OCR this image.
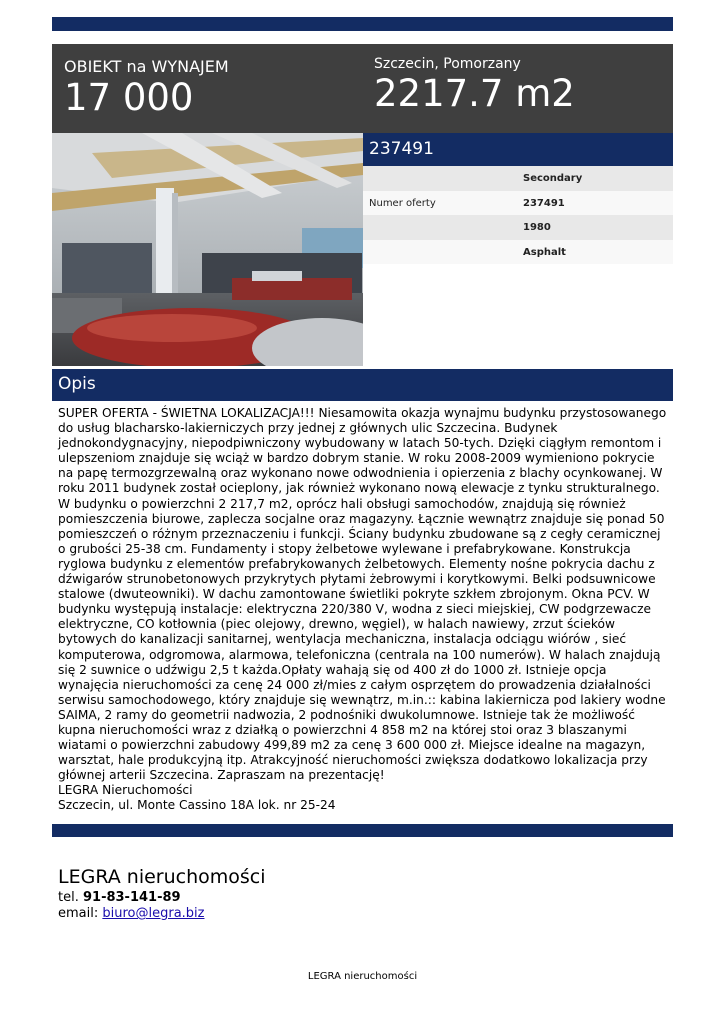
OBIEKT na WYNAJEM
17 000
Szczecin, Pomorzany
2217.7 m2
237491
Secondary
Numer oferty	237491
1980
Asphalt
Opis

SUPER OFERTA - ŚWIETNA LOKALIZACJA!!! Niesamowita okazja wynajmu budynku przystosowanego do usług blacharsko-lakierniczych przy jednej z głównych ulic Szczecina. Budynek jednokondygnacyjny, niepodpiwniczony wybudowany w latach 50-tych. Dzięki ciągłym remontom i ulepszeniom znajduje się wciąż w bardzo dobrym stanie. W roku 2008-2009 wymieniono pokrycie na papę termozgrzewalną oraz wykonano nowe odwodnienia i opierzenia z blachy ocynkowanej. W roku 2011 budynek został ocieplony, jak również wykonano nową elewacje z tynku strukturalnego. W budynku o powierzchni 2 217,7 m2, oprócz hali obsługi samochodów, znajdują się również pomieszczenia biurowe, zaplecza socjalne oraz magazyny. Łącznie wewnątrz znajduje się ponad 50 pomieszczeń o różnym przeznaczeniu i funkcji. Ściany budynku zbudowane są z cegły ceramicznej o grubości 25-38 cm. Fundamenty i stopy żelbetowe wylewane i prefabrykowane. Konstrukcja ryglowa budynku z elementów prefabrykowanych żelbetowych. Elementy nośne pokrycia dachu z dźwigarów strunobetonowych przykrytych płytami żebrowymi i korytkowymi. Belki podsuwnicowe stalowe (dwuteowniki). W dachu zamontowane świetliki pokryte szkłem zbrojonym. Okna PCV. W budynku występują instalacje: elektryczna 220/380 V, wodna z sieci miejskiej, CW podgrzewacze elektryczne, CO kotłownia (piec olejowy, drewno, węgiel), w halach nawiewy, zrzut ścieków bytowych do kanalizacji sanitarnej, wentylacja mechaniczna, instalacja odciągu wiórów , sieć komputerowa, odgromowa, alarmowa, telefoniczna (centrala na 100 numerów). W halach znajdują się 2 suwnice o udźwigu 2,5 t każda.Opłaty wahają się od 400 zł do 1000 zł. Istnieje opcja wynajęcia nieruchomości za cenę 24 000 zł/mies z całym osprzętem do prowadzenia działalności serwisu samochodowego, który znajduje się wewnątrz, m.in.:: kabina lakiernicza pod lakiery wodne SAIMA, 2 ramy do geometrii nadwozia, 2 podnośniki dwukolumnowe. Istnieje tak że możliwość kupna nieruchomości wraz z działką o powierzchni 4 858 m2 na której stoi oraz 3 blaszanymi wiatami o powierzchni zabudowy 499,89 m2 za cenę 3 600 000 zł. Miejsce idealne na magazyn, warsztat, hale produkcyjną itp. Atrakcyjność nieruchomości zwiększa dodatkowo lokalizacja przy głównej arterii Szczecina. Zapraszam na prezentację!

LEGRA Nieruchomości

Szczecin, ul. Monte Cassino 18A lok. nr 25-24

LEGRA nieruchomości
tel. 91-83-141-89
email: biuro@legra.biz
LEGRA nieruchomości
